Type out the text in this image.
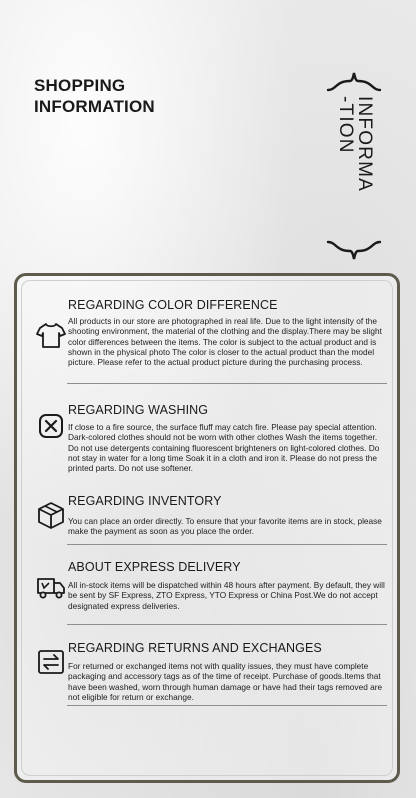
SHOPPING
INFORMATION	INFORMA
-TION
REGARDING COLOR DIFFERENCE
All products in our store are photographed in real life. Due to the light intensity of the shooting environment, the material of the clothing and the display.There may be slight color differences between the items. The color is subject to the actual product and is shown in the physical photo The color is closer to the actual product than the model picture. Please refer to the actual product picture during the purchasing process.
REGARDING WASHING
If close to a fire source, the surface fluff may catch fire. Please pay special attention. Dark-colored clothes should not be worn with other clothes Wash the items together. Do not use detergents containing fluorescent brighteners on light-colored clothes. Do not stay in water for a long time Soak it in a cloth and iron it. Please do not press the printed parts. Do not use softener.
REGARDING INVENTORY
You can place an order directly. To ensure that your favorite items are in stock, please make the payment as soon as you place the order.
ABOUT EXPRESS DELIVERY
All in-stock items will be dispatched within 48 hours after payment. By default, they will be sent by SF Express, ZTO Express, YTO Express or China Post.We do not accept designated express deliveries.
REGARDING RETURNS AND EXCHANGES
For returned or exchanged items not with quality issues, they must have complete packaging and accessory tags as of the time of receipt. Purchase of goods.Items that have been washed, worn through human damage or have had their tags removed are not eligible for return or exchange.
